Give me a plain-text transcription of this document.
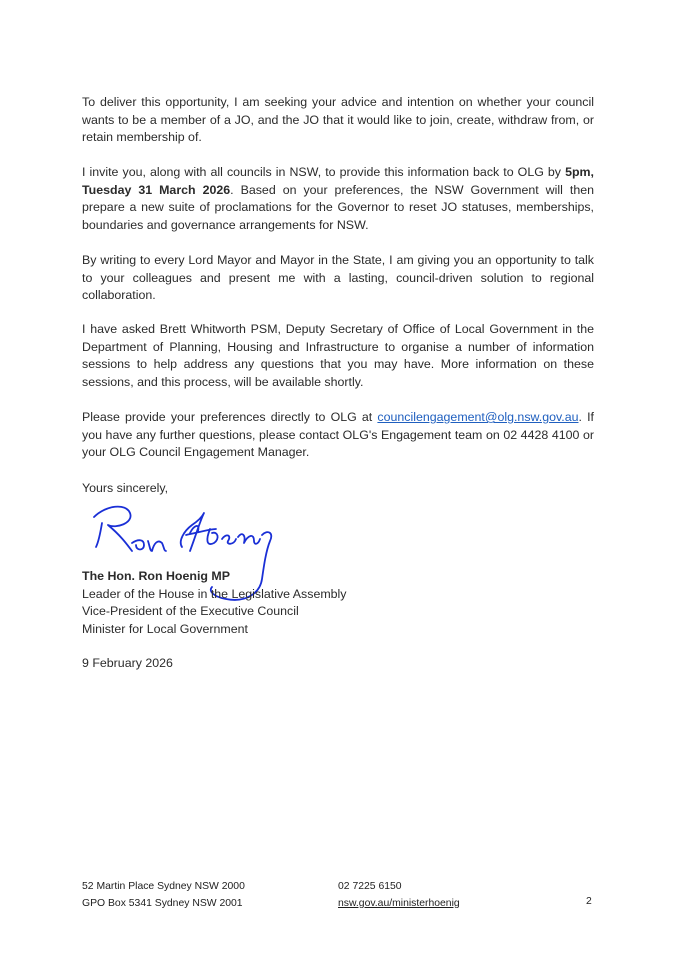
To deliver this opportunity, I am seeking your advice and intention on whether your council wants to be a member of a JO, and the JO that it would like to join, create, withdraw from, or retain membership of.

I invite you, along with all councils in NSW, to provide this information back to OLG by 5pm, Tuesday 31 March 2026. Based on your preferences, the NSW Government will then prepare a new suite of proclamations for the Governor to reset JO statuses, memberships, boundaries and governance arrangements for NSW.

By writing to every Lord Mayor and Mayor in the State, I am giving you an opportunity to talk to your colleagues and present me with a lasting, council-driven solution to regional collaboration.

I have asked Brett Whitworth PSM, Deputy Secretary of Office of Local Government in the Department of Planning, Housing and Infrastructure to organise a number of information sessions to help address any questions that you may have. More information on these sessions, and this process, will be available shortly.

Please provide your preferences directly to OLG at councilengagement@olg.nsw.gov.au. If you have any further questions, please contact OLG's Engagement team on 02 4428 4100 or your OLG Council Engagement Manager.

Yours sincerely,
The Hon. Ron Hoenig MP
Leader of the House in the Legislative Assembly
Vice-President of the Executive Council
Minister for Local Government
9 February 2026
52 Martin Place Sydney NSW 2000
GPO Box 5341 Sydney NSW 2001
02 7225 6150
nsw.gov.au/ministerhoenig	2
